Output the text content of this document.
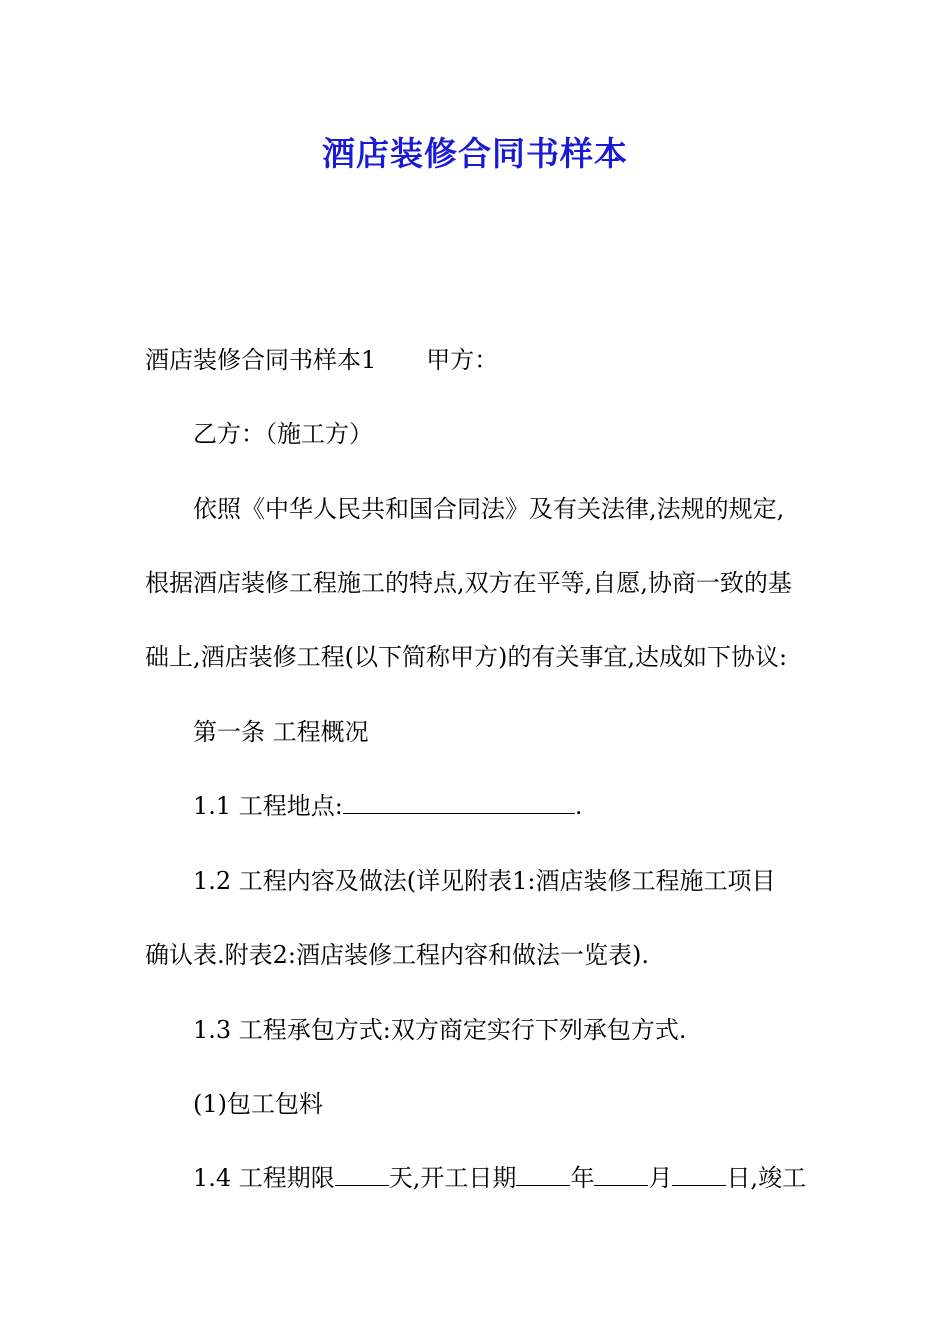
酒店装修合同书样本

酒店装修合同书样本1 甲方：

乙方：（施工方）

依照《中华人民共和国合同法》及有关法律,法规的规定,

根据酒店装修工程施工的特点,双方在平等,自愿,协商一致的基

础上,酒店装修工程(以下简称甲方)的有关事宜,达成如下协议:

第一条 工程概况

1.1 工程地点:	.

1.2 工程内容及做法(详见附表1:酒店装修工程施工项目

确认表.附表2:酒店装修工程内容和做法一览表).

1.3 工程承包方式:双方商定实行下列承包方式.

(1)包工包料

1.4 工程期限 天,开工日期 年 月 日,竣工
